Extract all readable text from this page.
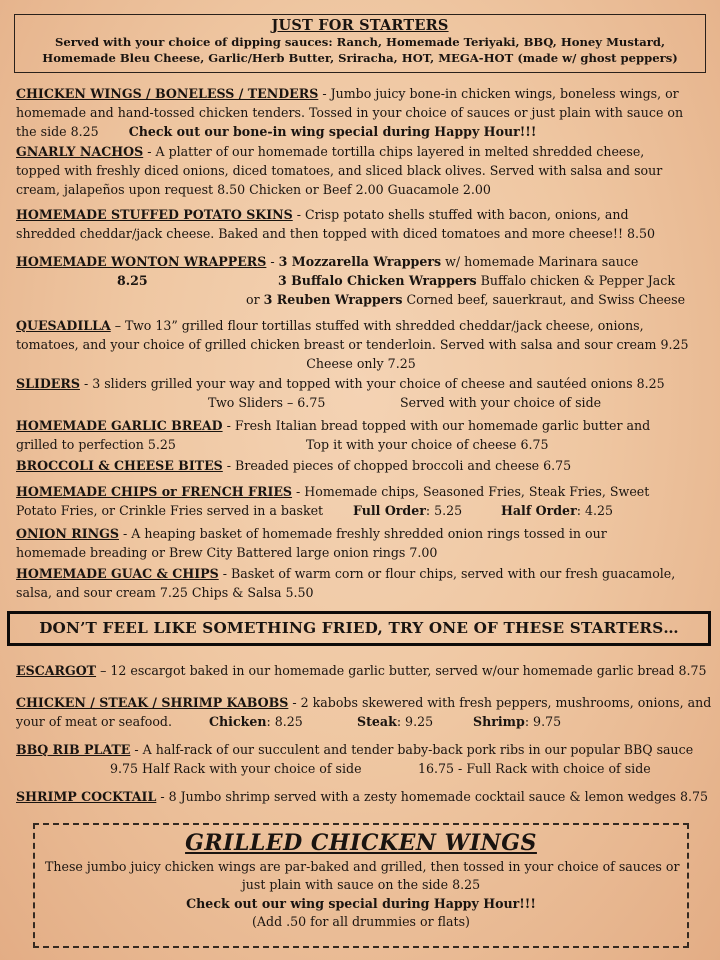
JUST FOR STARTERS
Served with your choice of dipping sauces: Ranch, Homemade Teriyaki, BBQ, Honey Mustard, Homemade Bleu Cheese, Garlic/Herb Butter, Sriracha, HOT, MEGA-HOT (made w/ ghost peppers)
CHICKEN WINGS / BONELESS / TENDERS - Jumbo juicy bone-in chicken wings, boneless wings, or
homemade and hand-tossed chicken tenders. Tossed in your choice of sauces or just plain with sauce on
the side 8.25 Check out our bone-in wing special during Happy Hour!!!
GNARLY NACHOS - A platter of our homemade tortilla chips layered in melted shredded cheese,
topped with freshly diced onions, diced tomatoes, and sliced black olives. Served with salsa and sour
cream, jalapeños upon request 8.50 Chicken or Beef 2.00 Guacamole 2.00
HOMEMADE STUFFED POTATO SKINS - Crisp potato shells stuffed with bacon, onions, and
shredded cheddar/jack cheese. Baked and then topped with diced tomatoes and more cheese!! 8.50
HOMEMADE WONTON WRAPPERS - 3 Mozzarella Wrappers w/ homemade Marinara sauce
8.25	3 Buffalo Chicken Wrappers Buffalo chicken & Pepper Jack
or 3 Reuben Wrappers Corned beef, sauerkraut, and Swiss Cheese
QUESADILLA – Two 13” grilled flour tortillas stuffed with shredded cheddar/jack cheese, onions,
tomatoes, and your choice of grilled chicken breast or tenderloin. Served with salsa and sour cream 9.25
Cheese only 7.25
SLIDERS - 3 sliders grilled your way and topped with your choice of cheese and sautéed onions 8.25
Two Sliders – 6.75	Served with your choice of side
HOMEMADE GARLIC BREAD - Fresh Italian bread topped with our homemade garlic butter and
grilled to perfection 5.25	Top it with your choice of cheese 6.75
BROCCOLI & CHEESE BITES - Breaded pieces of chopped broccoli and cheese 6.75
HOMEMADE CHIPS or FRENCH FRIES - Homemade chips, Seasoned Fries, Steak Fries, Sweet
Potato Fries, or Crinkle Fries served in a basket Full Order: 5.25	Half Order: 4.25
ONION RINGS - A heaping basket of homemade freshly shredded onion rings tossed in our
homemade breading or Brew City Battered large onion rings 7.00
HOMEMADE GUAC & CHIPS - Basket of warm corn or flour chips, served with our fresh guacamole,
salsa, and sour cream 7.25 Chips & Salsa 5.50
DON’T FEEL LIKE SOMETHING FRIED, TRY ONE OF THESE STARTERS…
ESCARGOT – 12 escargot baked in our homemade garlic butter, served w/our homemade garlic bread 8.75
CHICKEN / STEAK / SHRIMP KABOBS - 2 kabobs skewered with fresh peppers, mushrooms, onions, and
your of meat or seafood.	Chicken: 8.25	Steak: 9.25	Shrimp: 9.75
BBQ RIB PLATE - A half-rack of our succulent and tender baby-back pork ribs in our popular BBQ sauce
9.75 Half Rack with your choice of side	16.75 - Full Rack with choice of side
SHRIMP COCKTAIL - 8 Jumbo shrimp served with a zesty homemade cocktail sauce & lemon wedges 8.75
GRILLED CHICKEN WINGS
These jumbo juicy chicken wings are par-baked and grilled, then tossed in your choice of sauces or
just plain with sauce on the side 8.25
Check out our wing special during Happy Hour!!!
(Add .50 for all drummies or flats)
